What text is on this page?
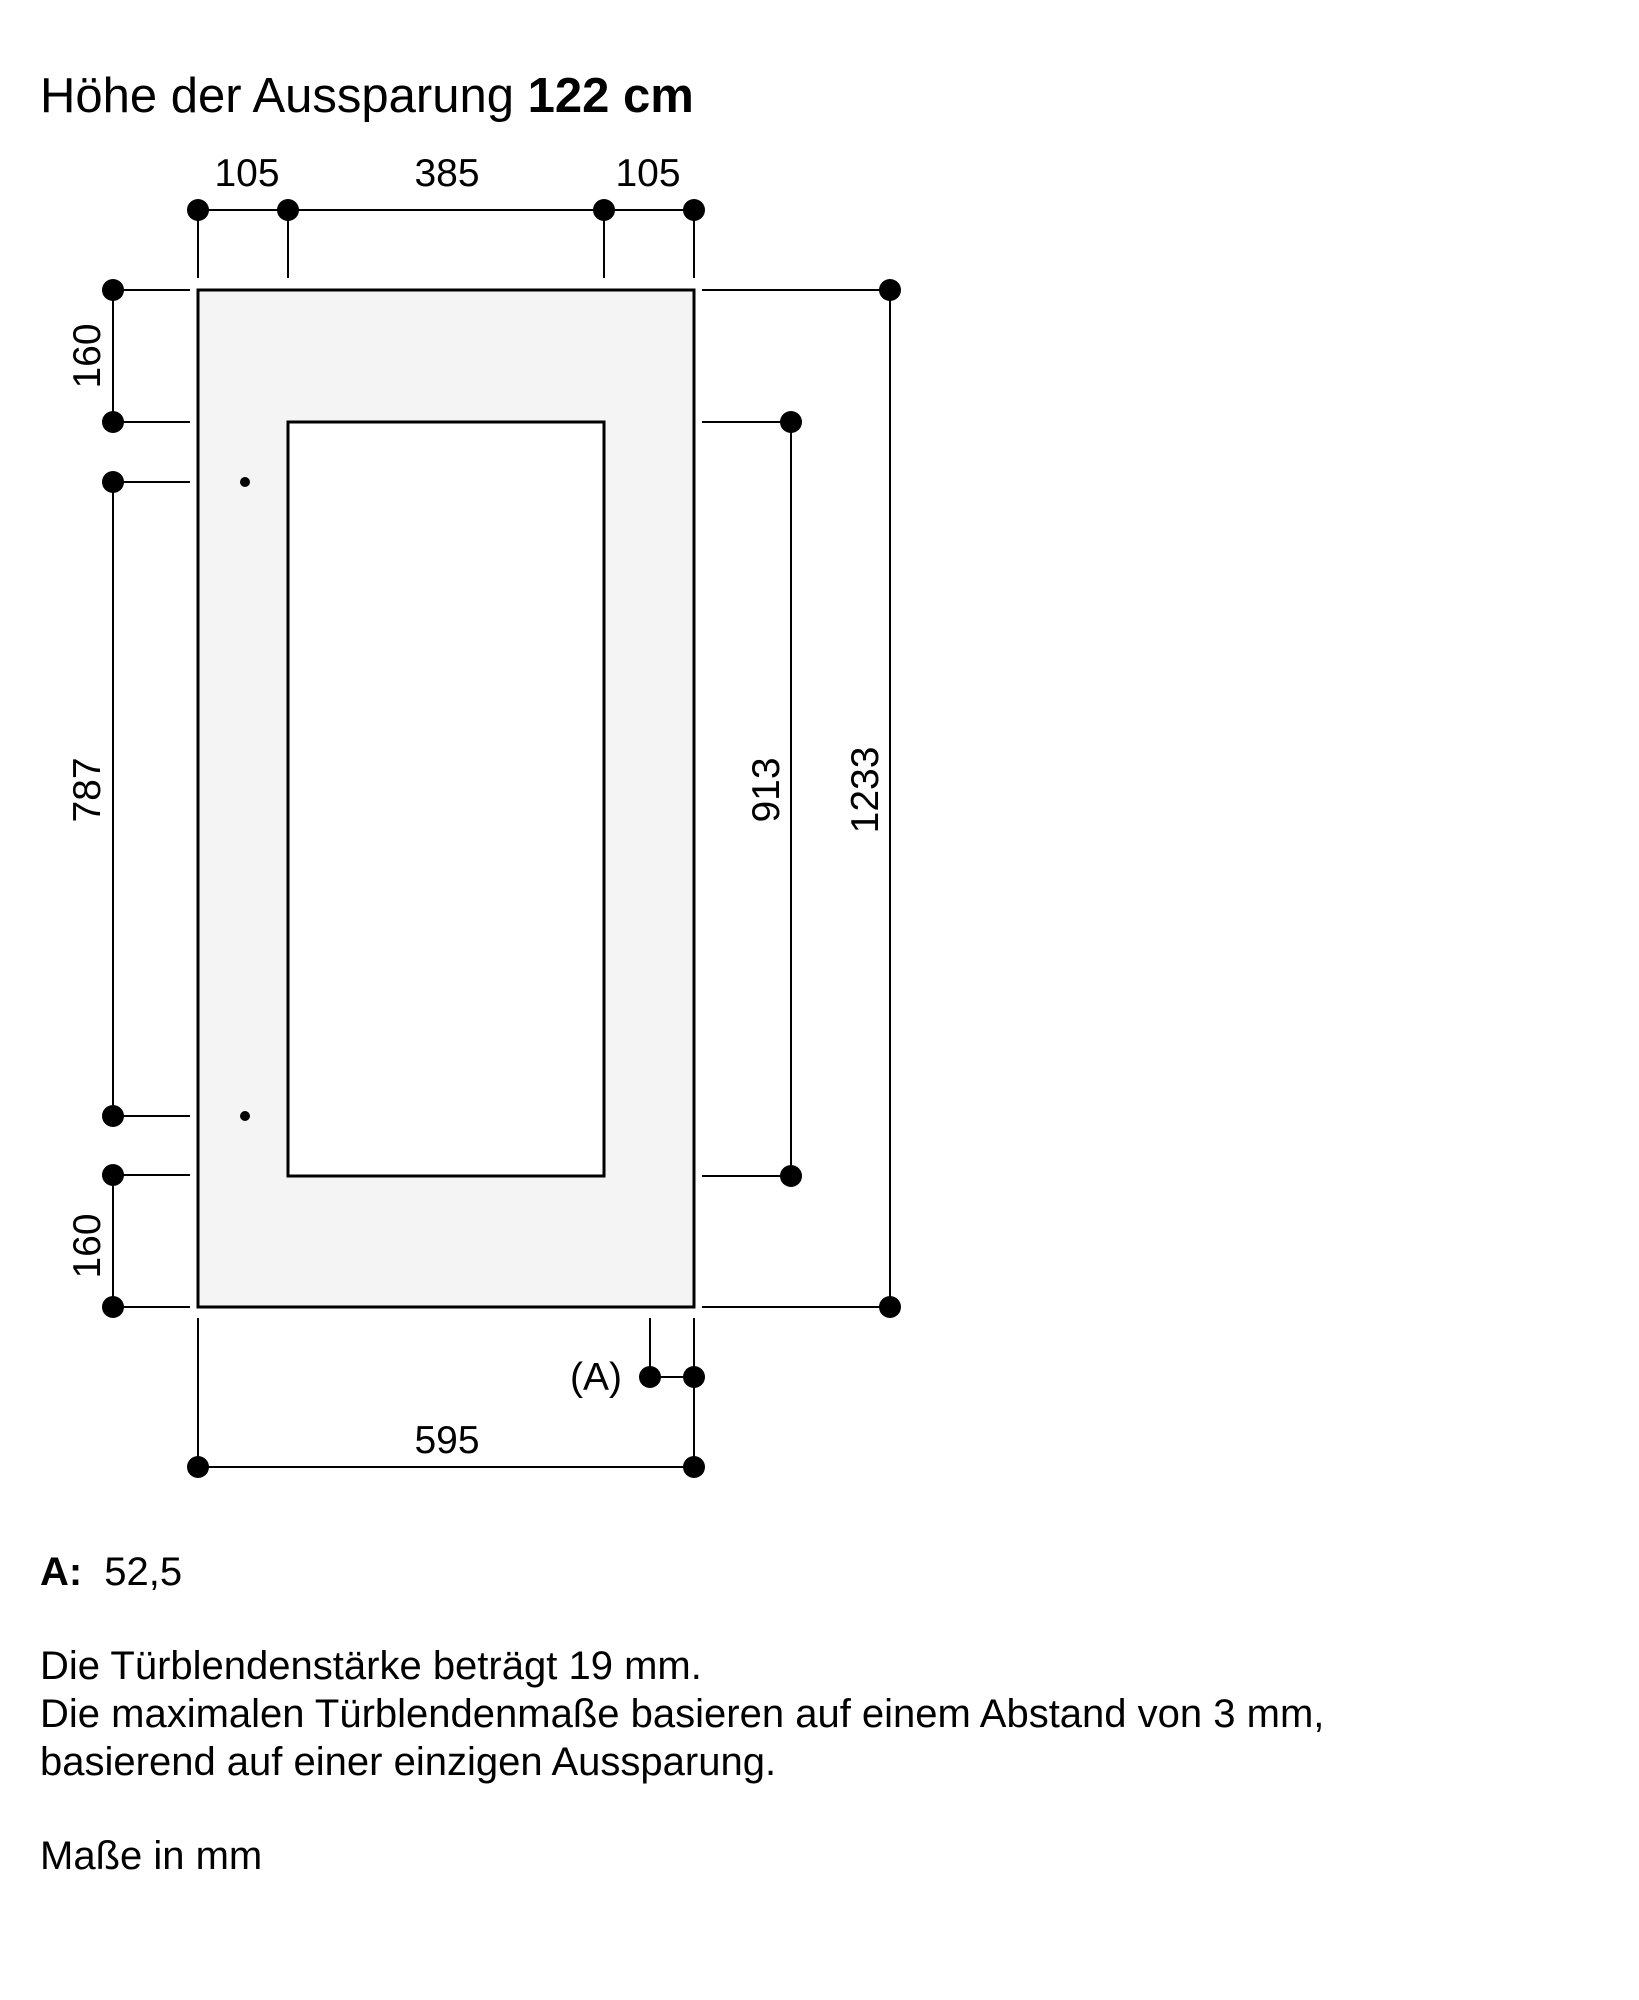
Höhe der Aussparung 122 cm
105	385	105
160
787
160
913 1233
(A)
595

A: 52,5

Die Türblendenstärke beträgt 19 mm.

Die maximalen Türblendenmaße basieren auf einem Abstand von 3 mm,

basierend auf einer einzigen Aussparung.

Maße in mm
